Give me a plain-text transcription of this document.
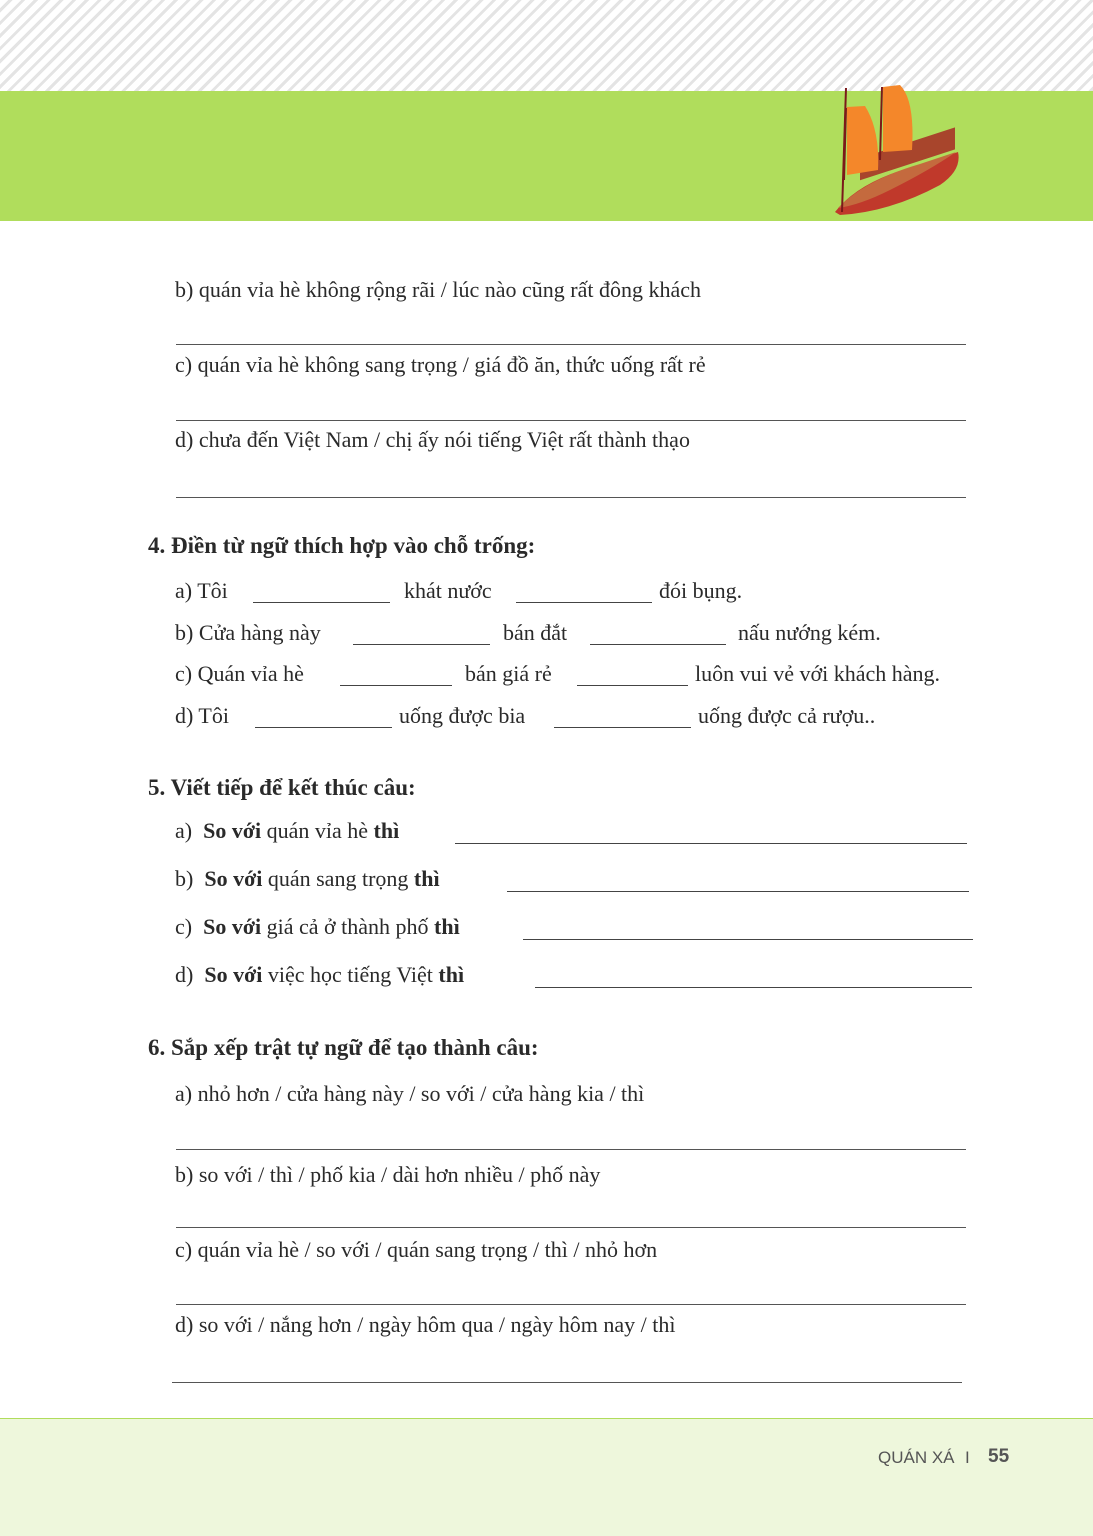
b) quán vỉa hè không rộng rãi / lúc nào cũng rất đông khách
c) quán vỉa hè không sang trọng / giá đồ ăn, thức uống rất rẻ
d) chưa đến Việt Nam / chị ấy nói tiếng Việt rất thành thạo
4. Điền từ ngữ thích hợp vào chỗ trống:
a) Tôi	khát nước	đói bụng.
b) Cửa hàng này	bán đắt	nấu nướng kém.
c) Quán vỉa hè	bán giá rẻ	luôn vui vẻ với khách hàng.
d) Tôi	uống được bia	uống được cả rượu..
5. Viết tiếp để kết thúc câu:
a) So với quán vỉa hè thì
b) So với quán sang trọng thì
c) So với giá cả ở thành phố thì
d) So với việc học tiếng Việt thì
6. Sắp xếp trật tự ngữ để tạo thành câu:
a) nhỏ hơn / cửa hàng này / so với / cửa hàng kia / thì
b) so với / thì / phố kia / dài hơn nhiều / phố này
c) quán vỉa hè / so với / quán sang trọng / thì / nhỏ hơn
d) so với / nắng hơn / ngày hôm qua / ngày hôm nay / thì
QUÁN XÁ I 55
